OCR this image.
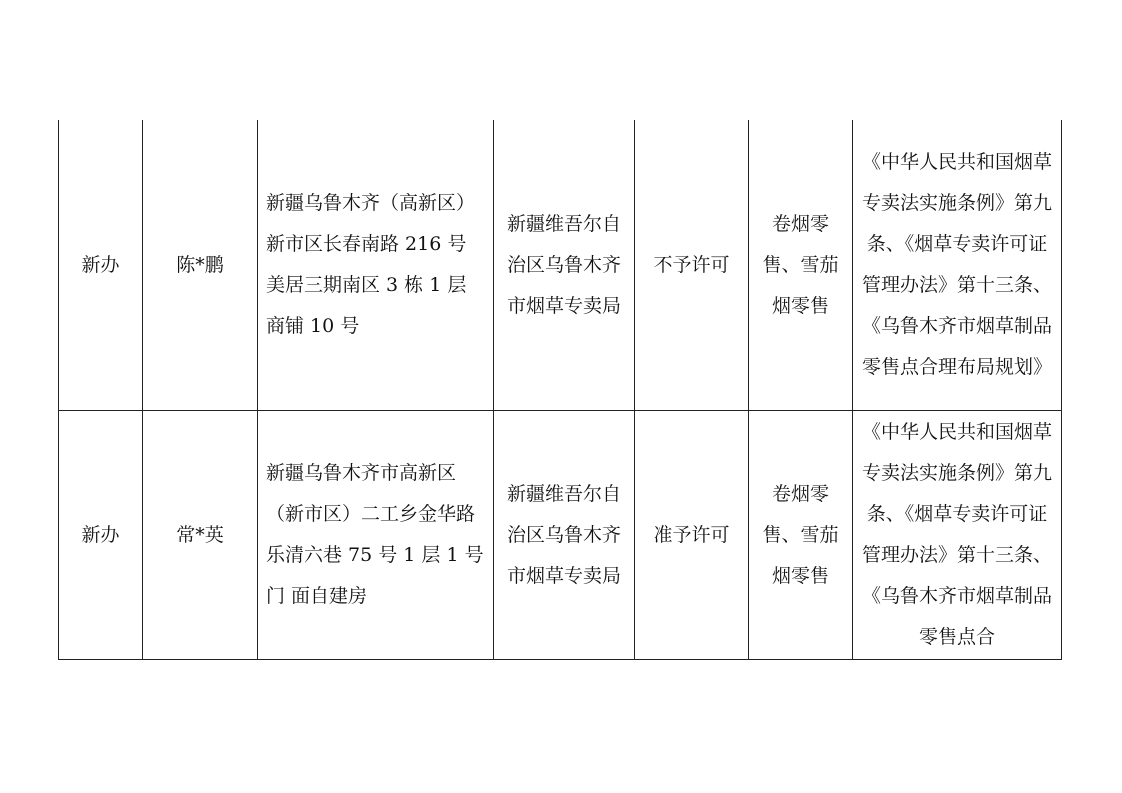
新办	陈*鹏	新疆乌鲁木齐（高新区）新市区长春南路 216 号美居三期南区 3 栋 1 层商铺 10 号	新疆维吾尔自治区乌鲁木齐市烟草专卖局	不予许可	卷烟零售、雪茄烟零售	《中华人民共和国烟草专卖法实施条例》第九条、《烟草专卖许可证管理办法》第十三条、《乌鲁木齐市烟草制品零售点合理布局规划》

新办	常*英	新疆乌鲁木齐市高新区（新市区）二工乡金华路乐清六巷 75 号 1 层 1 号门 面自建房	新疆维吾尔自治区乌鲁木齐市烟草专卖局	准予许可	卷烟零售、雪茄烟零售	《中华人民共和国烟草专卖法实施条例》第九条、《烟草专卖许可证管理办法》第十三条、《乌鲁木齐市烟草制品零售点合
